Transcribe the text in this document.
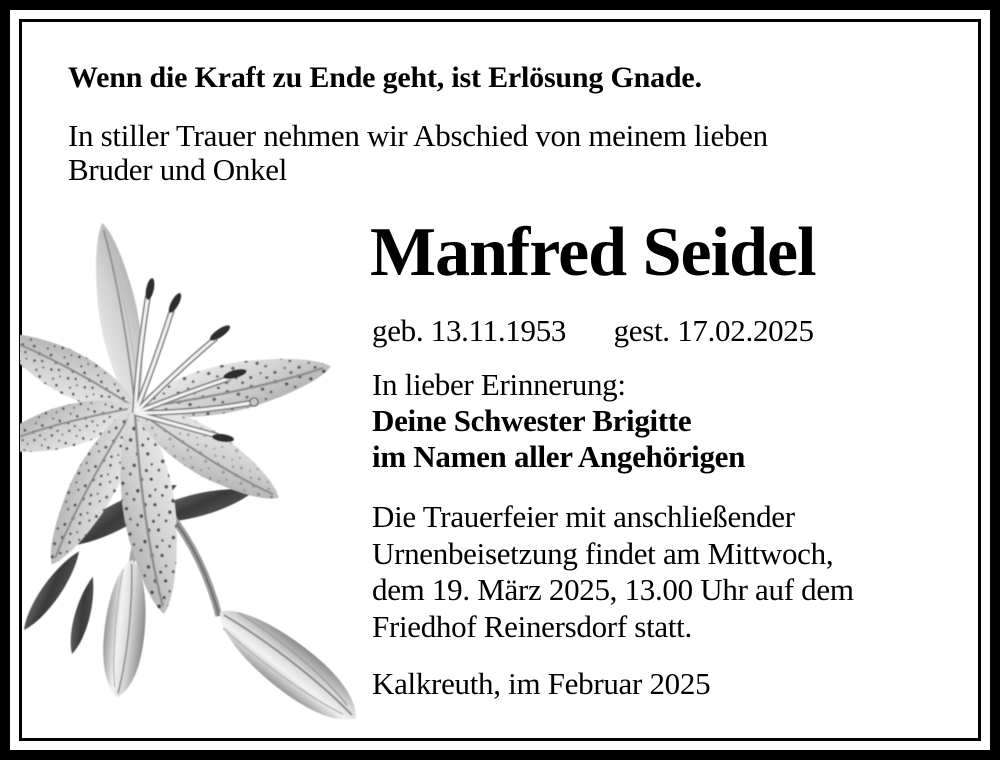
Wenn die Kraft zu Ende geht, ist Erlösung Gnade.
In stiller Trauer nehmen wir Abschied von meinem lieben
Bruder und Onkel
Manfred Seidel
geb. 13.11.1953 gest. 17.02.2025
In lieber Erinnerung:
Deine Schwester Brigitte
im Namen aller Angehörigen
Die Trauerfeier mit anschließender
Urnenbeisetzung findet am Mittwoch,
dem 19. März 2025, 13.00 Uhr auf dem
Friedhof Reinersdorf statt.
Kalkreuth, im Februar 2025
